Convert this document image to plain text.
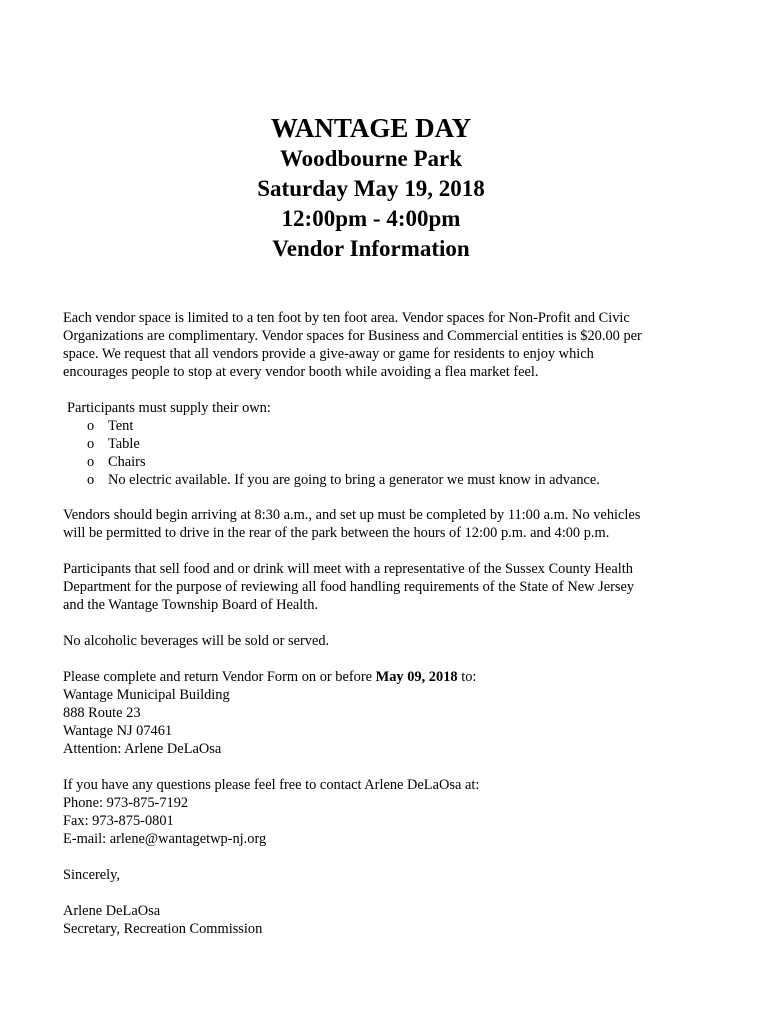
WANTAGE DAY
Woodbourne Park
Saturday May 19, 2018
12:00pm - 4:00pm
Vendor Information
Each vendor space is limited to a ten foot by ten foot area. Vendor spaces for Non-Profit and Civic
Organizations are complimentary. Vendor spaces for Business and Commercial entities is $20.00 per
space. We request that all vendors provide a give-away or game for residents to enjoy which
encourages people to stop at every vendor booth while avoiding a flea market feel.
Participants must supply their own:
o Tent
o Table
o Chairs
o No electric available. If you are going to bring a generator we must know in advance.
Vendors should begin arriving at 8:30 a.m., and set up must be completed by 11:00 a.m. No vehicles
will be permitted to drive in the rear of the park between the hours of 12:00 p.m. and 4:00 p.m.
Participants that sell food and or drink will meet with a representative of the Sussex County Health
Department for the purpose of reviewing all food handling requirements of the State of New Jersey
and the Wantage Township Board of Health.
No alcoholic beverages will be sold or served.
Please complete and return Vendor Form on or before May 09, 2018 to:
Wantage Municipal Building
888 Route 23
Wantage NJ 07461
Attention: Arlene DeLaOsa
If you have any questions please feel free to contact Arlene DeLaOsa at:
Phone: 973-875-7192
Fax: 973-875-0801
E-mail: arlene@wantagetwp-nj.org
Sincerely,
Arlene DeLaOsa
Secretary, Recreation Commission
